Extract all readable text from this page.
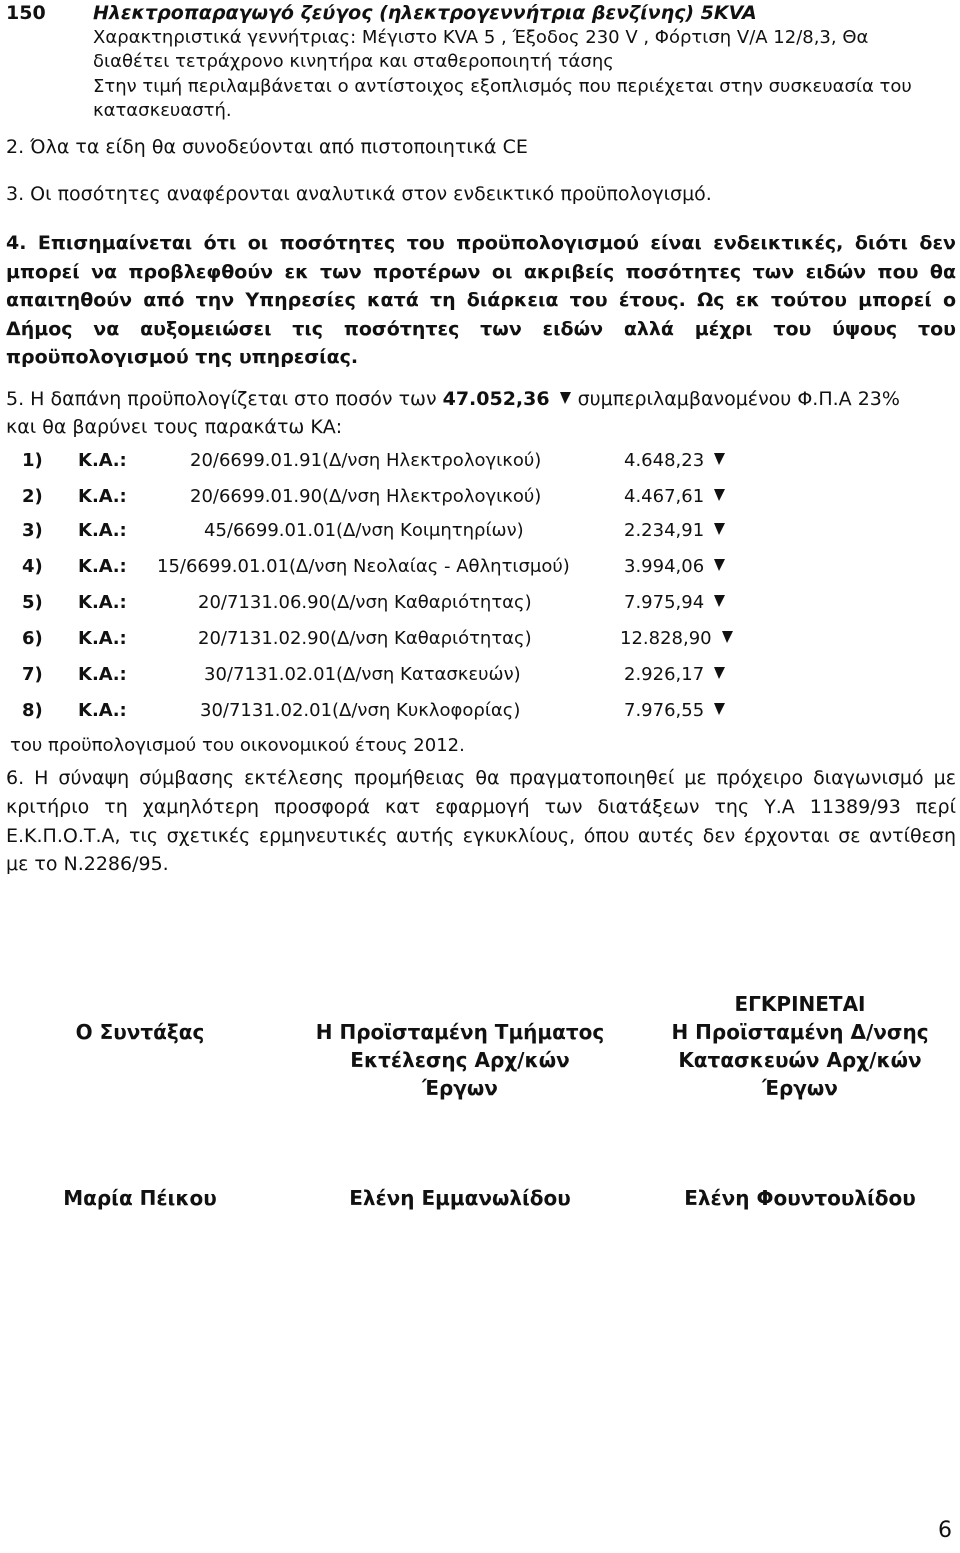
150 Ηλεκτροπαραγωγό ζεύγος (ηλεκτρογεννήτρια βενζίνης) 5KVA
Χαρακτηριστικά γεννήτριας: Μέγιστο KVA 5 , Έξοδος 230 V , Φόρτιση V/A 12/8,3, Θα
διαθέτει τετράχρονο κινητήρα και σταθεροποιητή τάσης
Στην τιμή περιλαμβάνεται ο αντίστοιχος εξοπλισμός που περιέχεται στην συσκευασία του
κατασκευαστή.
2. Όλα τα είδη θα συνοδεύονται από πιστοποιητικά CE
3. Οι ποσότητες αναφέρονται αναλυτικά στον ενδεικτικό προϋπολογισμό.
4. Επισημαίνεται ότι οι ποσότητες του προϋπολογισμού είναι ενδεικτικές, διότι δεν
μπορεί να προβλεφθούν εκ των προτέρων οι ακριβείς ποσότητες των ειδών που θα
απαιτηθούν από την Υπηρεσίες κατά τη διάρκεια του έτους. Ως εκ τούτου μπορεί ο
Δήμος να αυξομειώσει τις ποσότητες των ειδών αλλά μέχρι του ύψους του
προϋπολογισμού της υπηρεσίας.
5. Η δαπάνη προϋπολογίζεται στο ποσόν των 47.052,36 συμπεριλαμβανομένου Φ.Π.Α 23%
και θα βαρύνει τους παρακάτω ΚΑ:
1) Κ.Α.:	20/6699.01.91(Δ/νση Ηλεκτρολογικού)	4.648,23
2) Κ.Α.:	20/6699.01.90(Δ/νση Ηλεκτρολογικού)	4.467,61
3) Κ.Α.:	45/6699.01.01(Δ/νση Κοιμητηρίων)	2.234,91
4) Κ.Α.: 15/6699.01.01(Δ/νση Νεολαίας - Αθλητισμού)	3.994,06
5) Κ.Α.:	20/7131.06.90(Δ/νση Καθαριότητας)	7.975,94
6) Κ.Α.:	20/7131.02.90(Δ/νση Καθαριότητας)	12.828,90
7) Κ.Α.:	30/7131.02.01(Δ/νση Κατασκευών)	2.926,17
8) Κ.Α.:	30/7131.02.01(Δ/νση Κυκλοφορίας)	7.976,55
του προϋπολογισμού του οικονομικού έτους 2012.
6. Η σύναψη σύμβασης εκτέλεσης προμήθειας θα πραγματοποιηθεί με πρόχειρο διαγωνισμό με
κριτήριο τη χαμηλότερη προσφορά κατ εφαρμογή των διατάξεων της Υ.Α 11389/93 περί
Ε.Κ.Π.Ο.Τ.Α, τις σχετικές ερμηνευτικές αυτής εγκυκλίους, όπου αυτές δεν έρχονται σε αντίθεση
με το Ν.2286/95.
ΕΓΚΡΙΝΕΤΑΙ
Ο Συντάξας	Η Προϊσταμένη Τμήματος
Εκτέλεσης Αρχ/κών
Έργων
Η Προϊσταμένη Δ/νσης
Κατασκευών Αρχ/κών
Έργων
Μαρία Πέικου	Ελένη Εμμανωλίδου	Ελένη Φουντουλίδου
6
